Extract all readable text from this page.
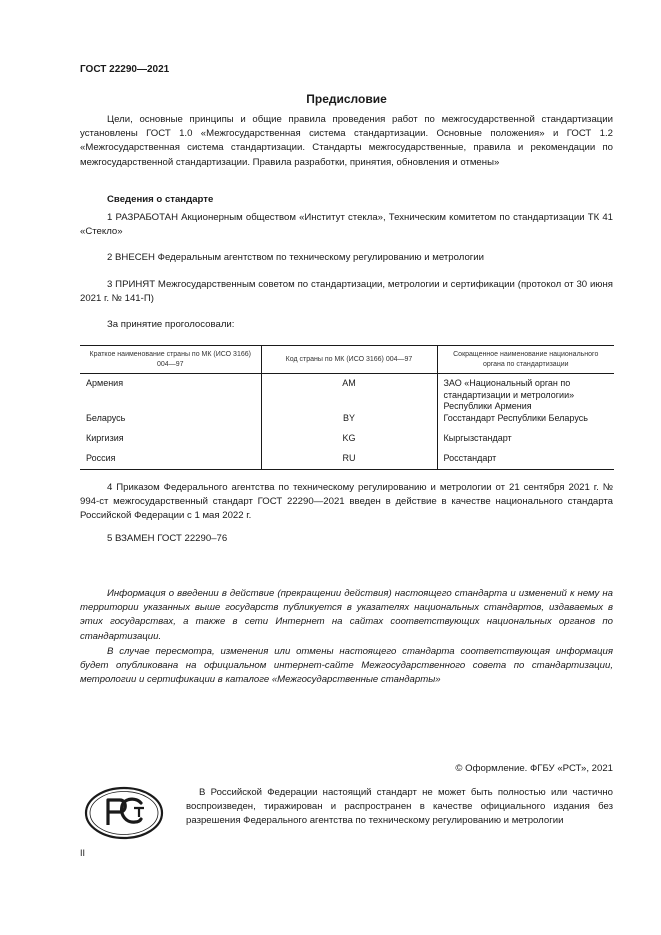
ГОСТ 22290—2021
Предисловие
Цели, основные принципы и общие правила проведения работ по межгосударственной стандартизации установлены ГОСТ 1.0 «Межгосударственная система стандартизации. Основные положения» и ГОСТ 1.2 «Межгосударственная система стандартизации. Стандарты межгосударственные, правила и рекомендации по межгосударственной стандартизации. Правила разработки, принятия, обновления и отмены»
Сведения о стандарте
1 РАЗРАБОТАН Акционерным обществом «Институт стекла», Техническим комитетом по стандартизации ТК 41 «Стекло»
2 ВНЕСЕН Федеральным агентством по техническому регулированию и метрологии
3 ПРИНЯТ Межгосударственным советом по стандартизации, метрологии и сертификации (протокол от 30 июня 2021 г. № 141-П)
За принятие проголосовали:
Краткое наименование страны по МК (ИСО 3166) 004—97	Код страны по МК (ИСО 3166) 004—97	Сокращенное наименование национального органа по стандартизации
Армения	AM	ЗАО «Национальный орган по стандартизации и метрологии» Республики Армения
Беларусь	BY	Госстандарт Республики Беларусь
Киргизия	KG	Кыргызстандарт
Россия	RU	Росстандарт
4 Приказом Федерального агентства по техническому регулированию и метрологии от 21 сентября 2021 г. № 994-ст межгосударственный стандарт ГОСТ 22290—2021 введен в действие в качестве национального стандарта Российской Федерации с 1 мая 2022 г.
5 ВЗАМЕН ГОСТ 22290–76
Информация о введении в действие (прекращении действия) настоящего стандарта и изменений к нему на территории указанных выше государств публикуется в указателях национальных стандартов, издаваемых в этих государствах, а также в сети Интернет на сайтах соответствующих национальных органов по стандартизации.
В случае пересмотра, изменения или отмены настоящего стандарта соответствующая информация будет опубликована на официальном интернет-сайте Межгосударственного совета по стандартизации, метрологии и сертификации в каталоге «Межгосударственные стандарты»
© Оформление. ФГБУ «РСТ», 2021
В Российской Федерации настоящий стандарт не может быть полностью или частично воспроизведен, тиражирован и распространен в качестве официального издания без разрешения Федерального агентства по техническому регулированию и метрологии
II
